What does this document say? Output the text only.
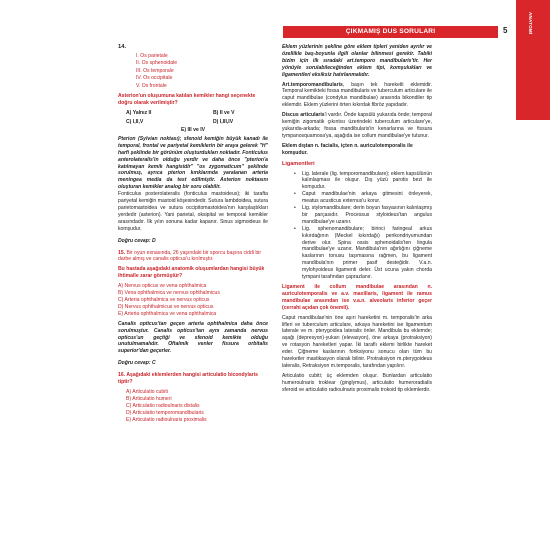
ÇIKMAMIŞ DUS SORULARI	5	ANATOMİ

14.

I. Os parietale

II. Os sphenoidale

III. Os temporale

IV. Os occipitale

V. Os frontale

Asterion'un oluşumuna katılan kemikler hangi seçenekte doğru olarak verilmiştir?

A) Yalnız II	B) II ve V
C) I,II,V	D) I,III,IV

E) III ve IV

Pterion (Sylvian noktası); sfenoid kemiğin büyük kanadı ile temporal, frontal ve pariyetal kemiklerin bir araya gelerek "H" harfi şeklinde bir görünüm oluşturdukları noktadır. Fonticulus anterolateralis'in olduğu yerdir ve daha önce "pterion'a katılmayan kemik hangisidir" "os zygomaticum" şeklinde sorulmuş, ayrıca pterion kırıklarında yaralanan arteria meningea media da test edilmiştir. Asterion noktasını oluşturan kemikler analog bir soru olabilir.

Fonticulus posterolateralis (fonticulus mastoideus); iki tarafta pariyetal kemiğin mastoid köşesindedir. Sutura lambdoidea, sutura parietomastoidea ve sutura occipitomastoidea'nın karşılaştıkları yerdedir (asterion). Yani parietal, oksipital ve temporal kemikler arasındadır. İlk yılın sonuna kadar kapanır. Sinus sigmoideus ile komşudur.

Doğru cevap: D

15. Bir oyun esnasında, 26 yaşındaki bir sporcu başına ciddi bir darbe almış ve canalis opticus'u kırılmıştır.

Bu hastada aşağıdaki anatomik oluşumlardan hangisi büyük ihtimalle zarar görmüştür?

A) Nervus opticus ve vena ophthalmica

B) Vena ophthalmica ve nervus ophthalmicus

C) Arteria ophthalmica ve nervus opticus

D) Nervus ophthalmicus ve nervus opticus

E) Arteria ophthalmica ve vena ophthalmica

Canalis opticus'tan geçen arteria ophthalmica daha önce sorulmuştur. Canalis opticus'tan aynı zamanda nervus opticus'un geçtiği ve sfenoid kemikte olduğu unutulmamalıdır. Oftalmik venler fissura orbitalis superior'dan geçerler.

Doğru cevap: C

16. Aşağıdaki eklemlerden hangisi articulatio bicondylaris tiptir?

A) Articulatio cubiti
B) Articulatio humeri
C) Articulatio radioulnaris distalis
D) Articulatio temporomandibularis
E) Articulatio radioulnaris proximalis

Eklem yüzlerinin şekline göre eklem tipleri yeniden ayrılır ve özellikle baş-boyunla ilgili olanlar bilinmesi gerekir. Tabiki bizim için ilk sıradaki art.temporo mandibularis'tir. Her yönüyle sorulabileceğinden eklem tipi, komşulukları ve ligamentleri eksiksiz hatırlanmalıdır.

Art.temporomandibularis, başın tek hareketli eklemidir. Temporal kemikteki fossa mandibularis ve tuberculum articulare ile caput mandibulae (condylus mandibulae) arasında bikondiler tip eklemdir. Eklem yüzlerini örten kıkırdak fibröz yapıdadır.

Discus articularis'i vardır. Önde kapsülü yukarıda önde; temporal kemiğin zigomatik çıkıntısı üzerindeki tuberculum articulare'ye, yukarıda-arkada; fossa mandibularis'in kenarlarına ve fissura tympanosquamosa'ya, aşağıda ise collum mandibulae'ye tutunur.

Eklem dıştan n. facialis, içten n. auriculotemporalis ile komşudur.

Ligamentleri

• Lig. laterale (lig. temporomandibulare); eklem kapsülünün kalınlaşması ile oluşur. Dış yüzü parotis bezi ile komşudur.

• Caput mandibulae'nin arkaya gitmesini önleyerek, meatus acusticus externus'u korur.

• Lig. stylomandibulare; derin boyun fasyasının kalınlaşmış bir parçasıdır. Processus styloideus'tan angulus mandibulae'ye uzanır.

• Lig. sphenomandibulare; birinci faringeal arkus kıkırdağının (Meckel kıkırdağı) perikondriyumundan derive olur. Spina ossis sphenoidalis'ten lingula mandibulae'ye uzanır. Mandibula'nın ağırlığını çiğneme kaslarının tonusu taşımasına rağmen, bu ligament mandibula'nın primer pasif desteğidir. V.a.n. mylohyoideus ligamenti deler. Üst ucuna yakın chorda tympani tarafından çaprazlanır.

Ligament ile collum mandibulae arasından n. auriculotemporalis ve a.v. maxillaris, ligament ile ramus mandibulae arasından ise v.a.n. alveolaris inferior geçer (cerrahi açıdan çok önemli).

Caput mandibulae'nin öne aşırı hareketini m. temporalis'in arka lifleri ve tuberculum articulare, arkaya hareketini ise ligamentum laterale ve m. pterygoidea lateralis önler. Mandibula bu eklemde; aşağı (depresyon)-yukarı (elevasyon), öne arkaya (protraksiyon) ve rotasyon hareketleri yapar. İki taraflı eklemi birlikte hareket eder. Çiğneme kaslarının fonksiyonu sonucu olan tüm bu hareketler mastikasyon olarak bilinir. Protraksiyon m.pterygoideus lateralis, Retraksiyon m.temporalis, tarafından yapılırır.

Articulatio cubiti; üç eklemden oluşur. Bunlardan articulatio humeroulnaris troklear (ginglymus), articulatio humeroradialis sferoid ve articulatio radioulnaris proximalis trokoid tip eklemlerdir.
